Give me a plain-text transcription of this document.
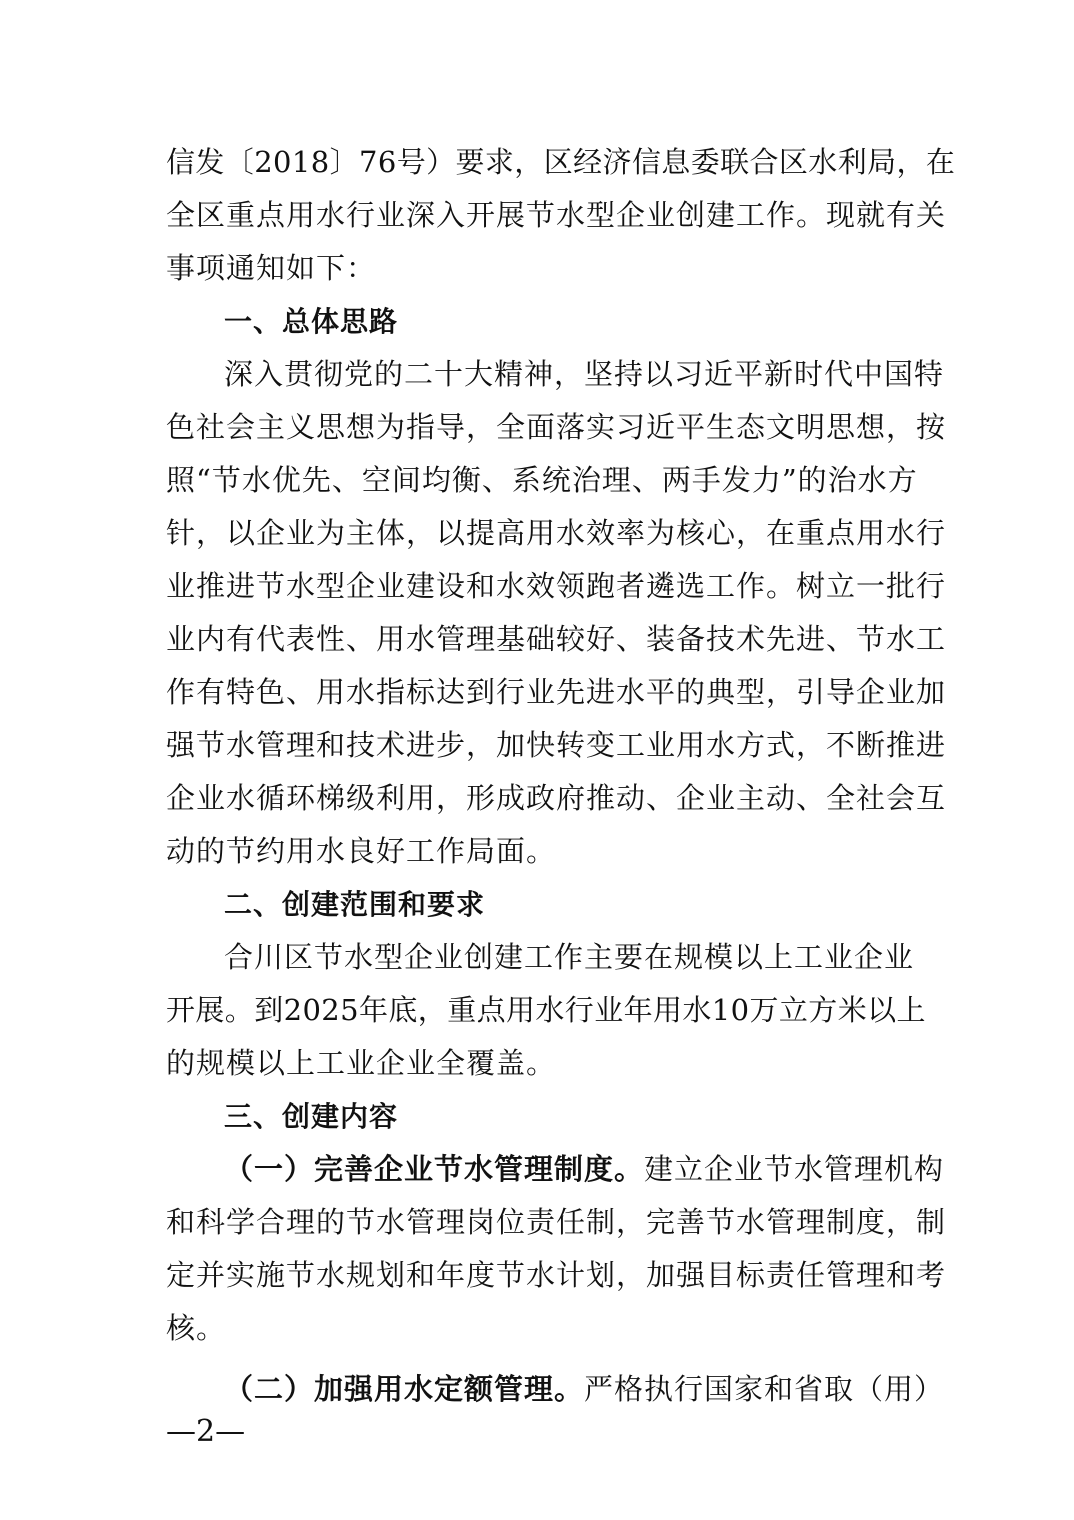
信发〔2018〕76号）要求，区经济信息委联合区水利局，在
全区重点用水行业深入开展节水型企业创建工作。现就有关
事项通知如下：
一、总体思路
深入贯彻党的二十大精神，坚持以习近平新时代中国特
色社会主义思想为指导，全面落实习近平生态文明思想，按
照“节水优先、空间均衡、系统治理、两手发力”的治水方
针，以企业为主体，以提高用水效率为核心，在重点用水行
业推进节水型企业建设和水效领跑者遴选工作。树立一批行
业内有代表性、用水管理基础较好、装备技术先进、节水工
作有特色、用水指标达到行业先进水平的典型，引导企业加
强节水管理和技术进步，加快转变工业用水方式，不断推进
企业水循环梯级利用，形成政府推动、企业主动、全社会互
动的节约用水良好工作局面。
二、创建范围和要求
合川区节水型企业创建工作主要在规模以上工业企业
开展。到2025年底，重点用水行业年用水10万立方米以上
的规模以上工业企业全覆盖。
三、创建内容
（一）完善企业节水管理制度。建立企业节水管理机构
和科学合理的节水管理岗位责任制，完善节水管理制度，制
定并实施节水规划和年度节水计划，加强目标责任管理和考
核。
（二）加强用水定额管理。严格执行国家和省取（用）
—2—
